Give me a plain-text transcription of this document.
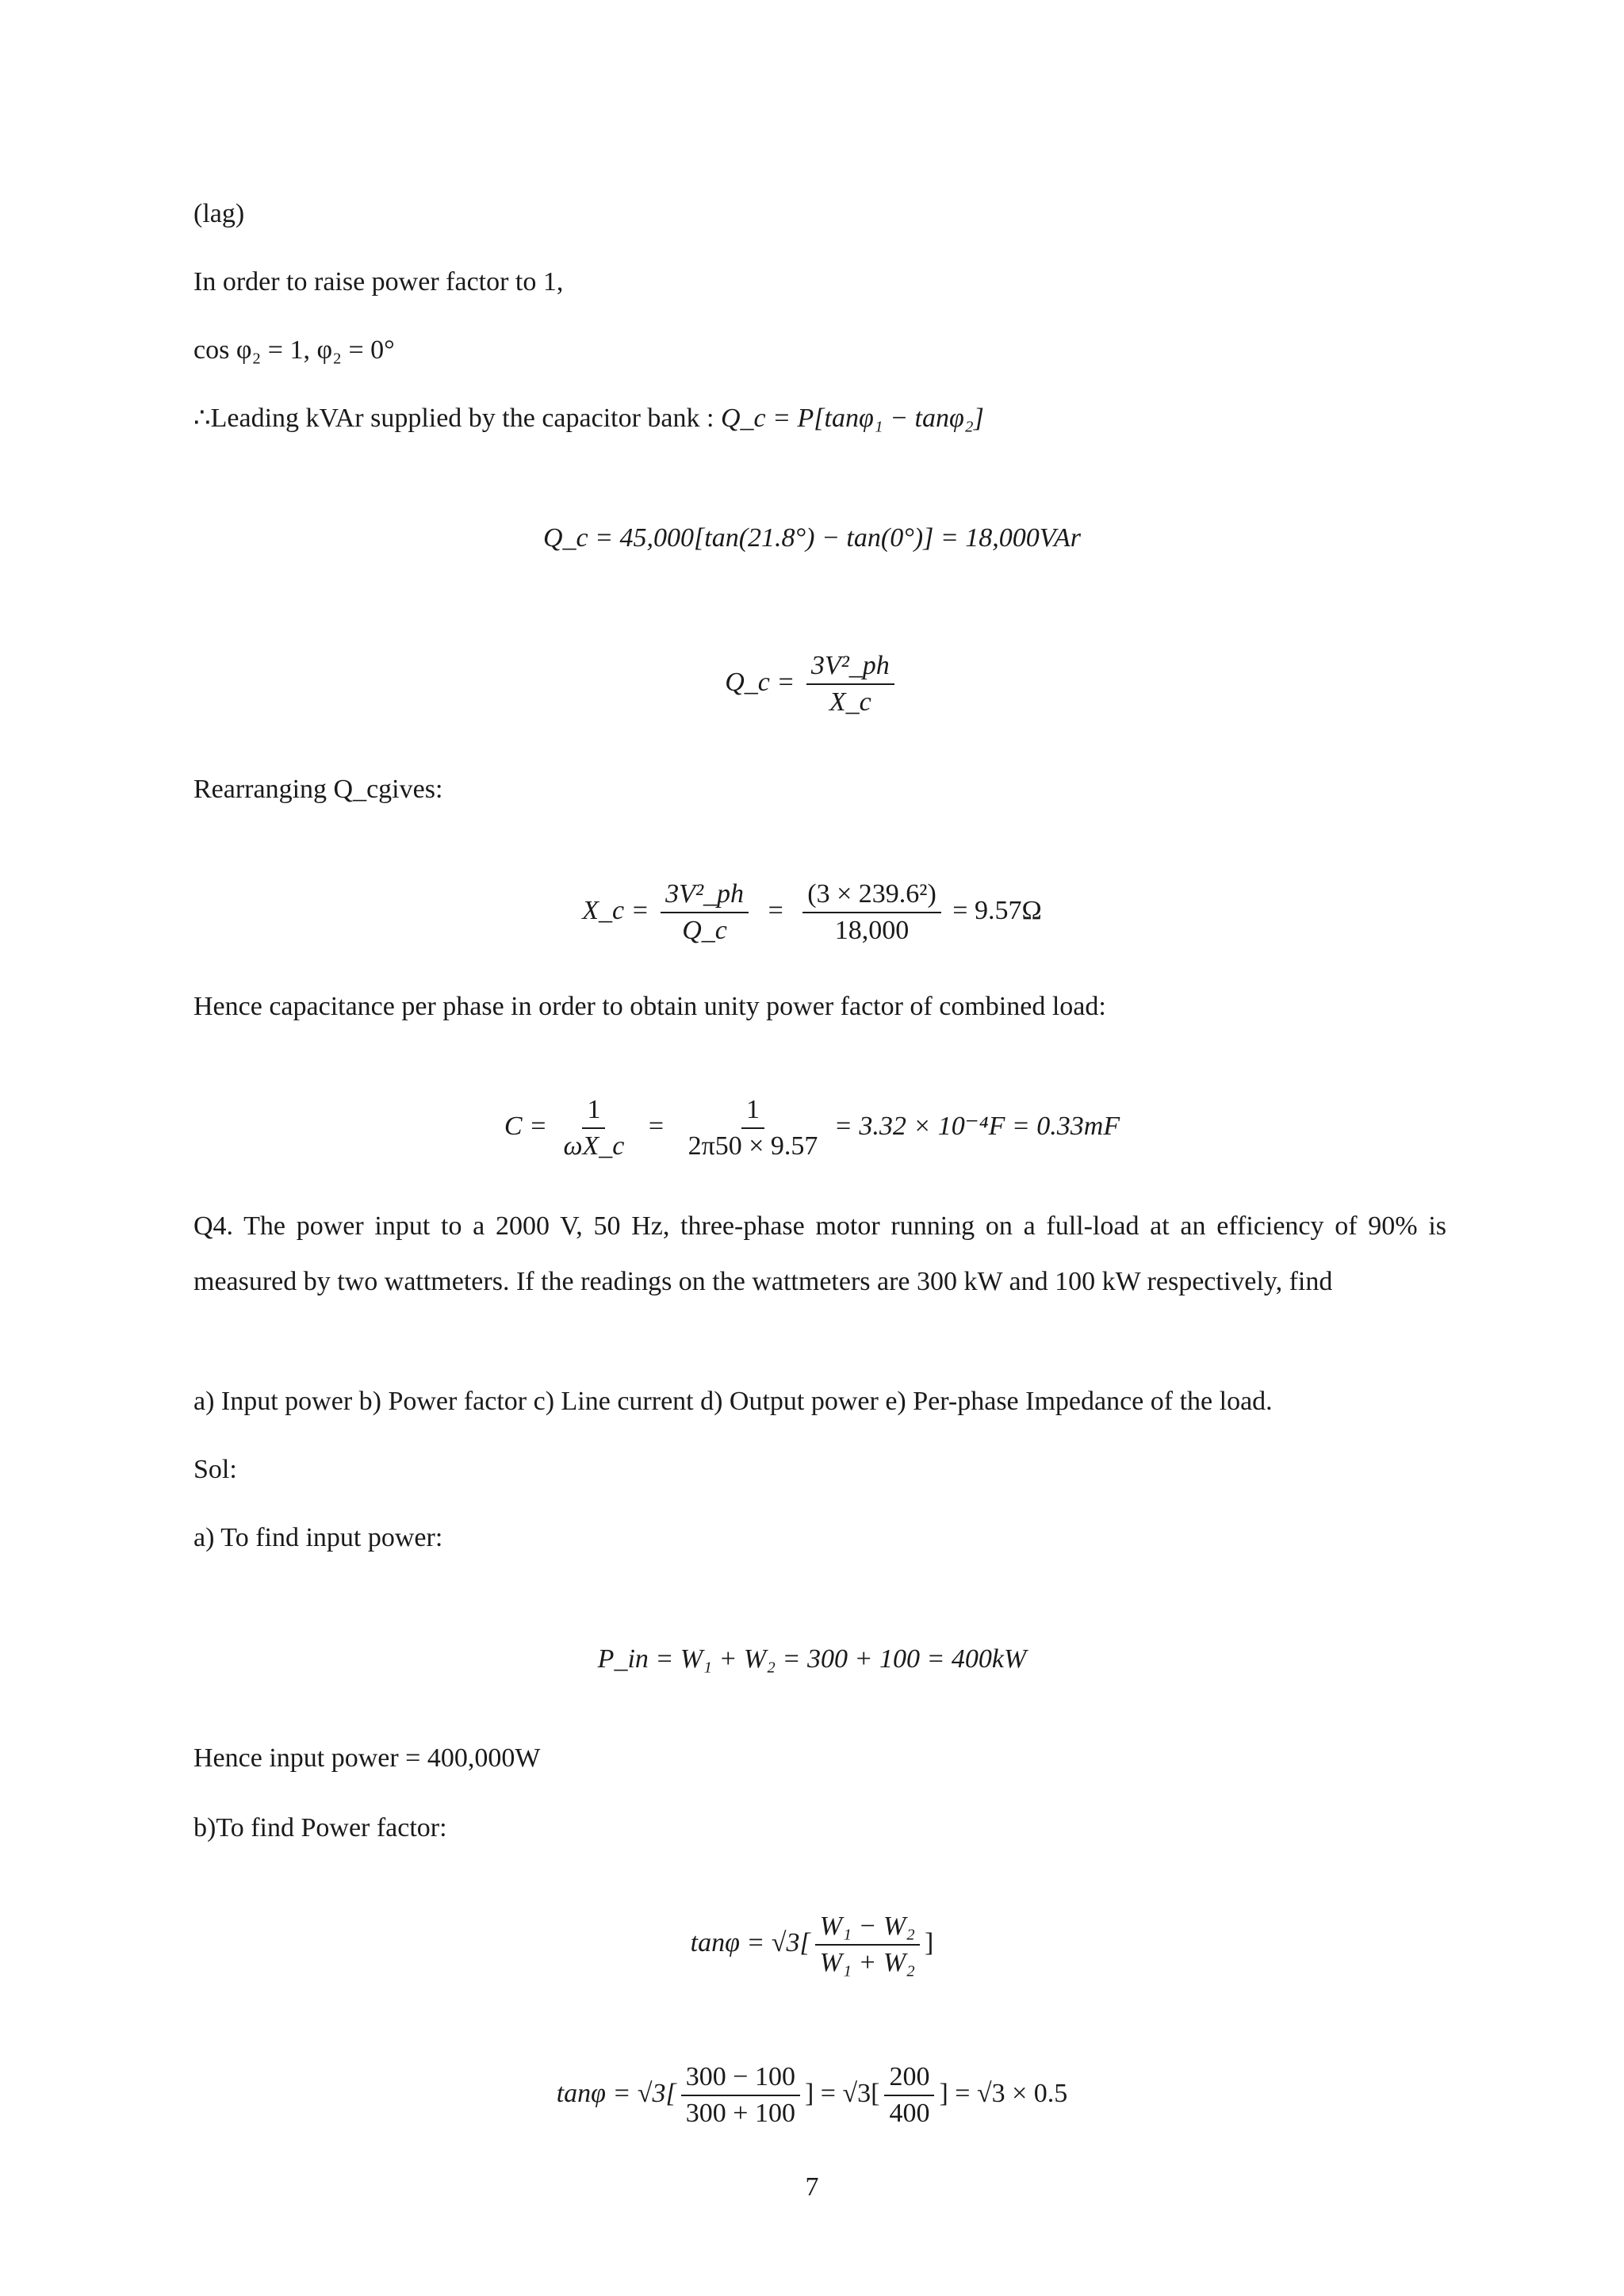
(lag)
In order to raise power factor to 1,
cos φ₂ = 1, φ₂ = 0°
∴Leading kVAr supplied by the capacitor bank : Q_c = P[tanφ₁ − tanφ₂]
Q_c = 45,000[tan(21.8°) − tan(0°)] = 18,000VAr
Q_c = $\frac{\text{3V²\_ph}}{X\_c}$
Rearranging Q_cgives:
X_c = $\frac{\text{3V²\_ph}}{Q\_c} = \frac{\text{(3 × 239.6²)}}{18,000} = 9.57\Omega$
Hence capacitance per phase in order to obtain unity power factor of combined load:
$C = \frac{1}{\omega X\_c} = \frac{1}{2\pi 50 \times 9.57} = 3.32 \times 10^{-4}F = 0.33mF$
Q4. The power input to a 2000 V, 50 Hz, three-phase motor running on a full-load at an efficiency of 90% is measured by two wattmeters. If the readings on the wattmeters are 300 kW and 100 kW respectively, find
a) Input power b) Power factor c) Line current d) Output power e) Per-phase Impedance of the load.
Sol:
a) To find input power:
P_in = W₁ + W₂ = 300 + 100 = 400kW
Hence input power = 400,000W
b)To find Power factor:
$\tan\varphi = √3[ \frac{\text{W₁ − W₂}}{\text{W₁ + W₂}}$ ]
$\tan\varphi = √3[ \frac{300 - 100}{300 + 100}$ ] = $√3[ \frac{200}{400}$ ] = √3 × 0.5
7
